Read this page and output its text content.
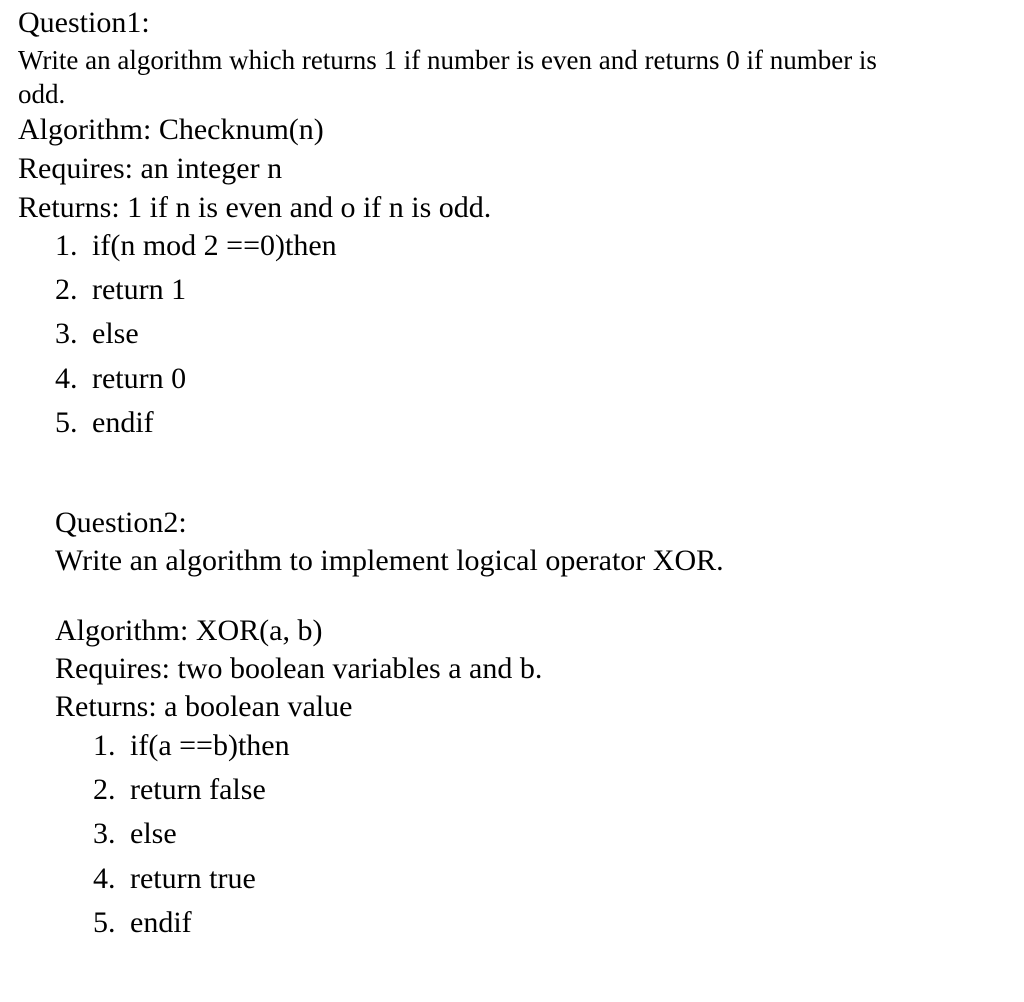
Question1:
Write an algorithm which returns 1 if number is even and returns 0 if number is
odd.
Algorithm: Checknum(n)
Requires: an integer n
Returns: 1 if n is even and o if n is odd.
1. if(n mod 2 ==0)then
2. return 1
3. else
4. return 0
5. endif
Question2:
Write an algorithm to implement logical operator XOR.
Algorithm: XOR(a, b)
Requires: two boolean variables a and b.
Returns: a boolean value
1. if(a ==b)then
2. return false
3. else
4. return true
5. endif
